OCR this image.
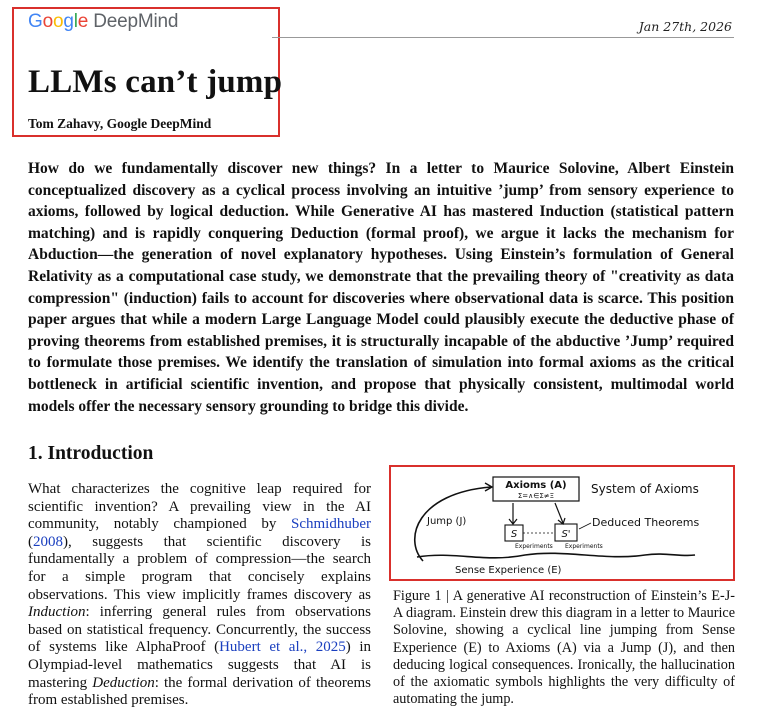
Google DeepMind	Jan 27th, 2026
LLMs can’t jump
Tom Zahavy, Google DeepMind

How do we fundamentally discover new things? In a letter to Maurice Solovine, Albert Einstein conceptualized discovery as a cyclical process involving an intuitive ’jump’ from sensory experience to axioms, followed by logical deduction. While Generative AI has mastered Induction (statistical pattern matching) and is rapidly conquering Deduction (formal proof), we argue it lacks the mechanism for Abduction—the generation of novel explanatory hypotheses. Using Einstein’s formulation of General Relativity as a computational case study, we demonstrate that the prevailing theory of "creativity as data compression" (induction) fails to account for discoveries where observational data is scarce. This position paper argues that while a modern Large Language Model could plausibly execute the deductive phase of proving theorems from established premises, it is structurally incapable of the abductive ’Jump’ required to formulate those premises. We identify the translation of simulation into formal axioms as the critical bottleneck in artificial scientific invention, and propose that physically consistent, multimodal world models offer the necessary sensory grounding to bridge this divide.

1. Introduction

What characterizes the cognitive leap required for scientific invention? A prevailing view in the AI community, notably championed by Schmidhuber (2008), suggests that scientific discovery is fundamentally a problem of compression—the search for a simple program that concisely explains observations. This view implicitly frames discovery as Induction: inferring general rules from observations based on statistical frequency. Concurrently, the success of systems like AlphaProof (Hubert et al., 2025) in Olympiad-level mathematics suggests that AI is mastering Deduction: the formal derivation of theorems from established premises.

Axioms (A)
Σ=∧∈Σ≠Ξ	System of Axioms
Jump (J)
S	S'
Deduced Theorems
Experiments Experiments
Sense Experience (E)

Figure 1 | A generative AI reconstruction of Einstein’s E-J-A diagram. Einstein drew this diagram in a letter to Maurice Solovine, showing a cyclical line jumping from Sense Experience (E) to Axioms (A) via a Jump (J), and then deducing logical consequences. Ironically, the hallucination of the axiomatic symbols highlights the very difficulty of automating the jump.
